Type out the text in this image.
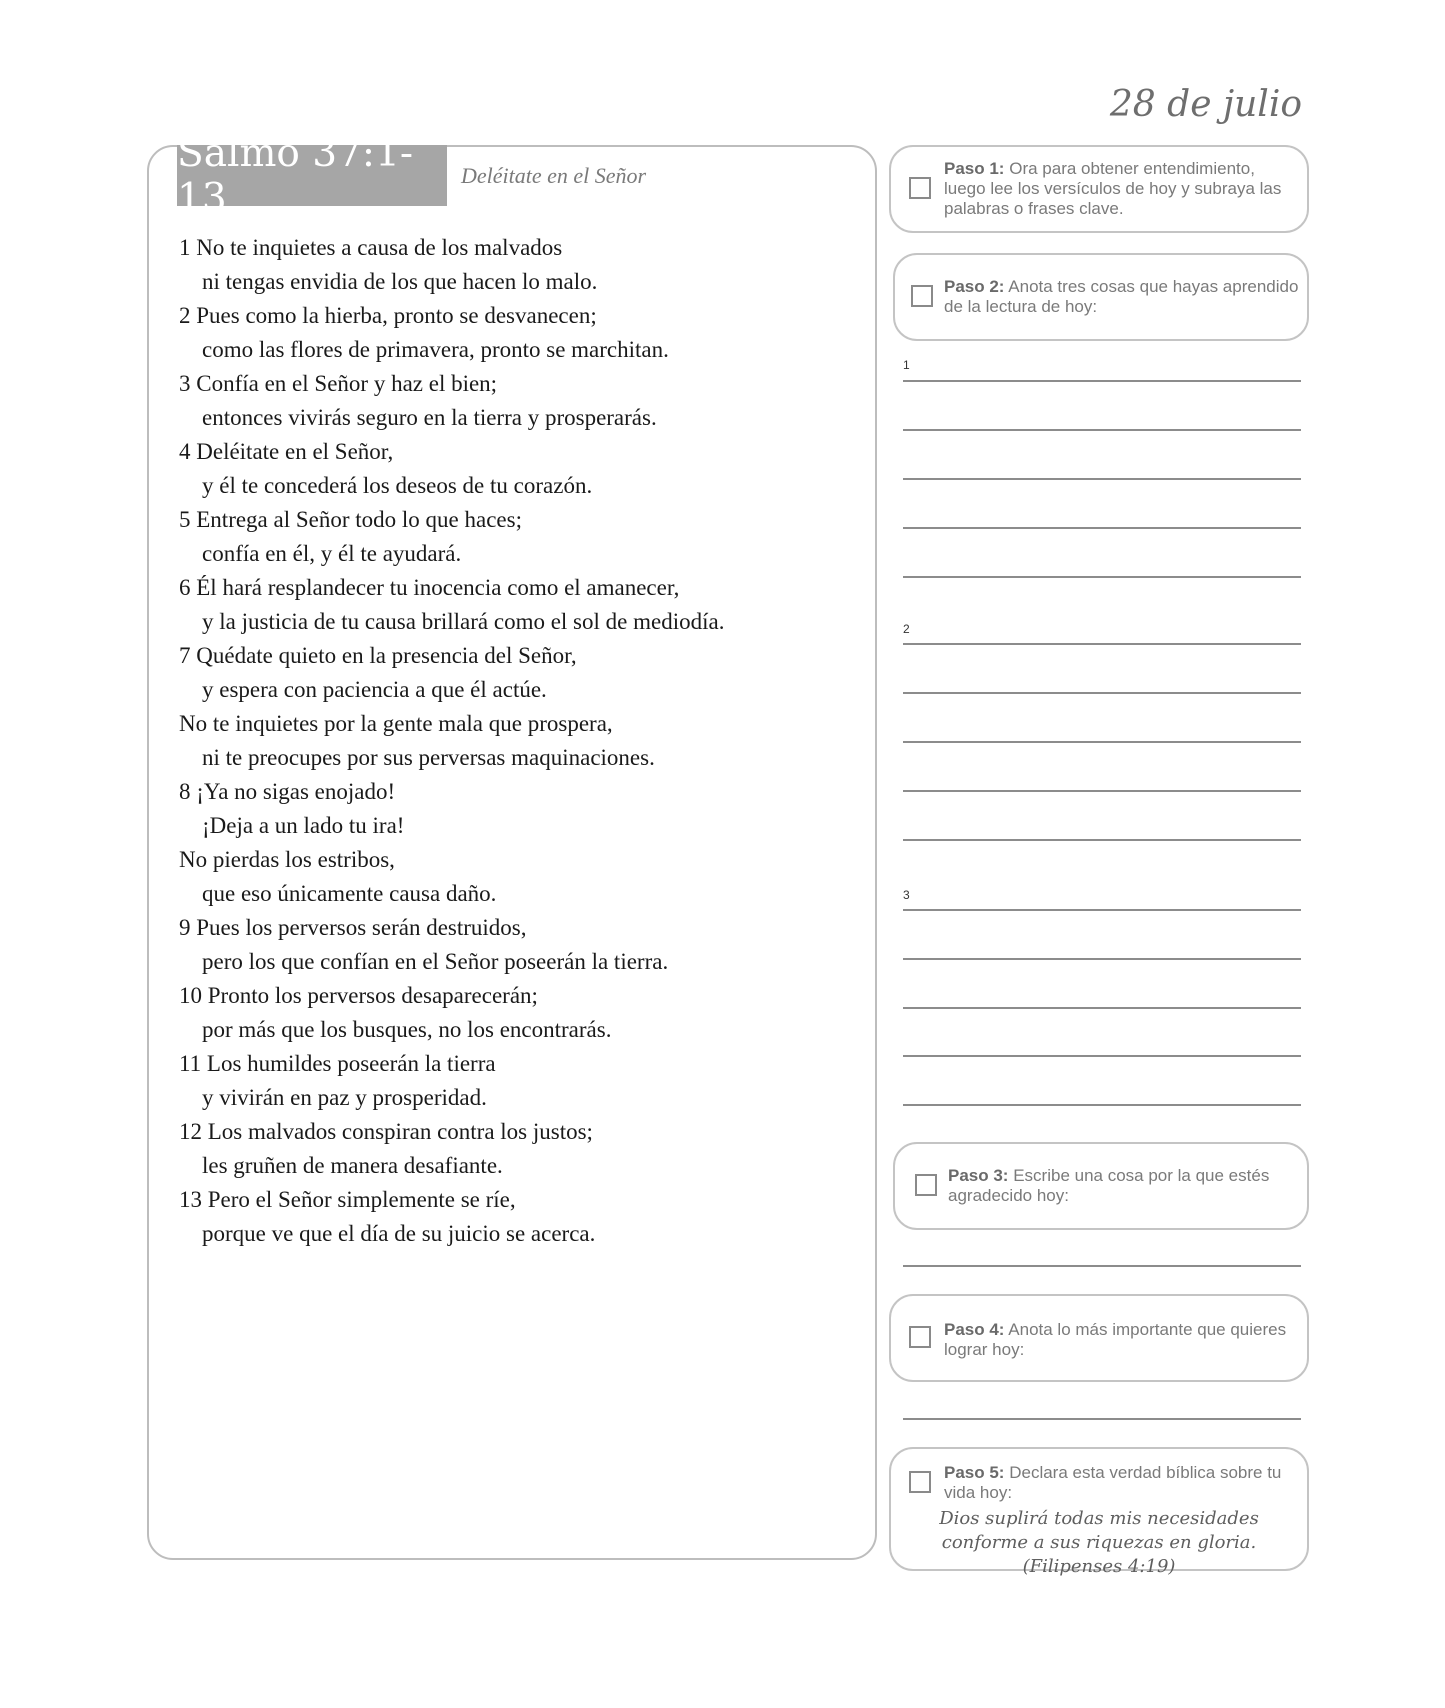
28 de julio
Salmo 37:1-13	Deléitate en el Señor
1 No te inquietes a causa de los malvados
ni tengas envidia de los que hacen lo malo.
2 Pues como la hierba, pronto se desvanecen;
como las flores de primavera, pronto se marchitan.
3 Confía en el Señor y haz el bien;
entonces vivirás seguro en la tierra y prosperarás.
4 Deléitate en el Señor,
y él te concederá los deseos de tu corazón.
5 Entrega al Señor todo lo que haces;
confía en él, y él te ayudará.
6 Él hará resplandecer tu inocencia como el amanecer,
y la justicia de tu causa brillará como el sol de mediodía.
7 Quédate quieto en la presencia del Señor,
y espera con paciencia a que él actúe.
No te inquietes por la gente mala que prospera,
ni te preocupes por sus perversas maquinaciones.
8 ¡Ya no sigas enojado!
¡Deja a un lado tu ira!
No pierdas los estribos,
que eso únicamente causa daño.
9 Pues los perversos serán destruidos,
pero los que confían en el Señor poseerán la tierra.
10 Pronto los perversos desaparecerán;
por más que los busques, no los encontrarás.
11 Los humildes poseerán la tierra
y vivirán en paz y prosperidad.
12 Los malvados conspiran contra los justos;
les gruñen de manera desafiante.
13 Pero el Señor simplemente se ríe,
porque ve que el día de su juicio se acerca.
Paso 1: Ora para obtener entendimiento, luego lee los versículos de hoy y subraya las palabras o frases clave.
Paso 2: Anota tres cosas que hayas aprendido de la lectura de hoy:
1
2
3
Paso 3: Escribe una cosa por la que estés agradecido hoy:
Paso 4: Anota lo más importante que quieres lograr hoy:
Paso 5: Declara esta verdad bíblica sobre tu vida hoy:
Dios suplirá todas mis necesidades conforme a sus riquezas en gloria. (Filipenses 4:19)
